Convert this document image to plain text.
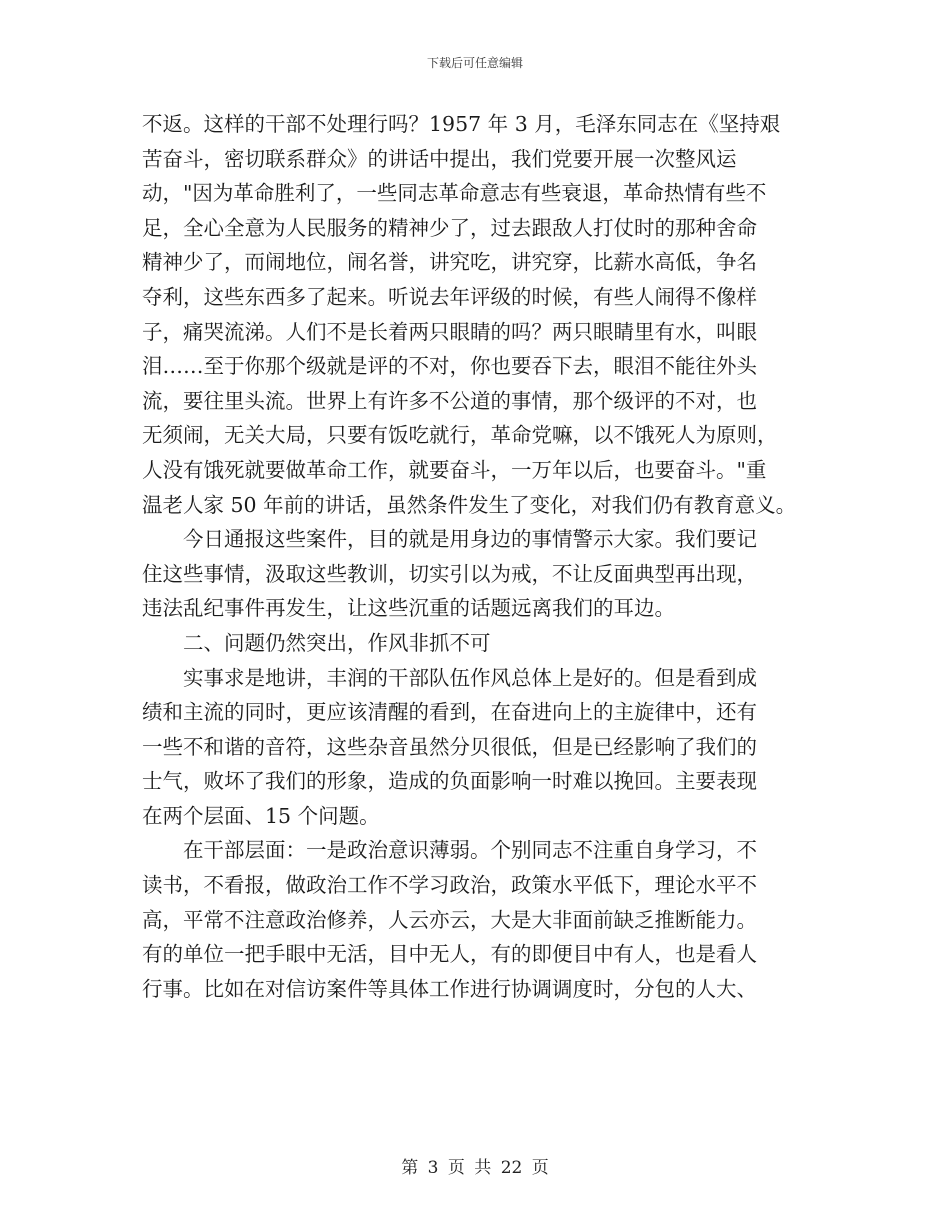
下载后可任意编辑
不返。这样的干部不处理行吗？1957 年 3 月，毛泽东同志在《坚持艰
苦奋斗，密切联系群众》的讲话中提出，我们党要开展一次整风运
动，"因为革命胜利了，一些同志革命意志有些衰退，革命热情有些不
足，全心全意为人民服务的精神少了，过去跟敌人打仗时的那种舍命
精神少了，而闹地位，闹名誉，讲究吃，讲究穿，比薪水高低，争名
夺利，这些东西多了起来。听说去年评级的时候，有些人闹得不像样
子，痛哭流涕。人们不是长着两只眼睛的吗？两只眼睛里有水，叫眼
泪……至于你那个级就是评的不对，你也要吞下去，眼泪不能往外头
流，要往里头流。世界上有许多不公道的事情，那个级评的不对，也
无须闹，无关大局，只要有饭吃就行，革命党嘛，以不饿死人为原则，
人没有饿死就要做革命工作，就要奋斗，一万年以后，也要奋斗。"重
温老人家 50 年前的讲话，虽然条件发生了变化，对我们仍有教育意义。
　　今日通报这些案件，目的就是用身边的事情警示大家。我们要记
住这些事情，汲取这些教训，切实引以为戒，不让反面典型再出现，
违法乱纪事件再发生，让这些沉重的话题远离我们的耳边。
　　二、问题仍然突出，作风非抓不可
　　实事求是地讲，丰润的干部队伍作风总体上是好的。但是看到成
绩和主流的同时，更应该清醒的看到，在奋进向上的主旋律中，还有
一些不和谐的音符，这些杂音虽然分贝很低，但是已经影响了我们的
士气，败坏了我们的形象，造成的负面影响一时难以挽回。主要表现
在两个层面、15 个问题。
　　在干部层面：一是政治意识薄弱。个别同志不注重自身学习，不
读书，不看报，做政治工作不学习政治，政策水平低下，理论水平不
高，平常不注意政治修养，人云亦云，大是大非面前缺乏推断能力。
有的单位一把手眼中无活，目中无人，有的即便目中有人，也是看人
行事。比如在对信访案件等具体工作进行协调调度时，分包的人大、
第 3 页 共 22 页
